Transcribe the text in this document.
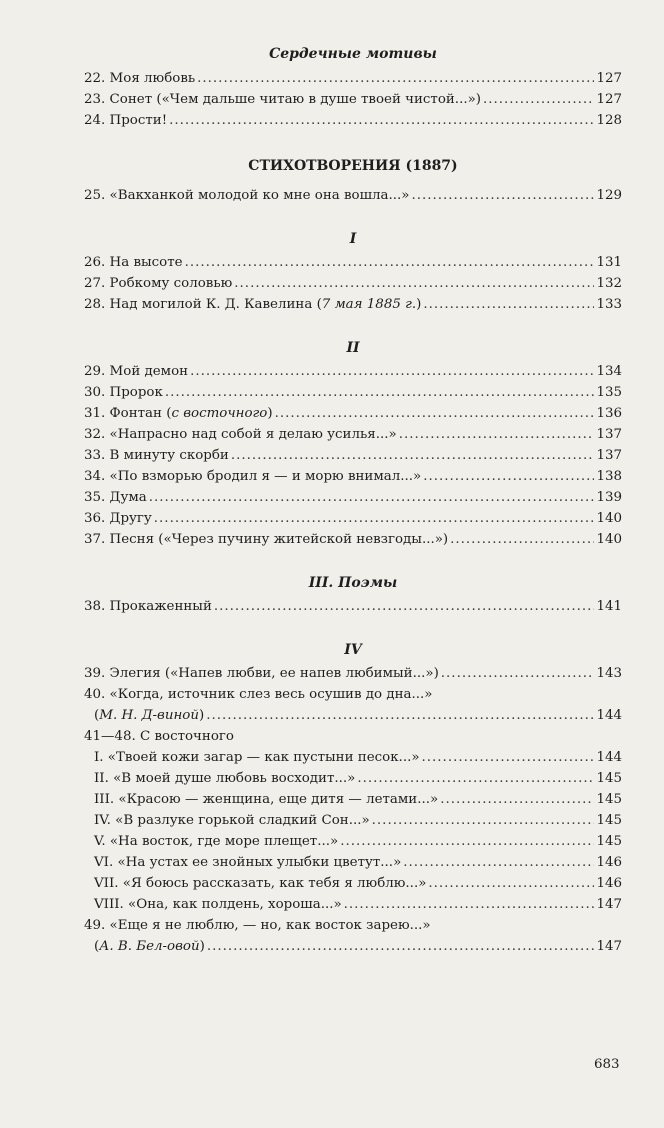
Сердечные мотивы
22. Моя любовь .....	127
23. Сонет («Чем дальше читаю в душе твоей чистой...») .....	127
24. Прости! .....	128
СТИХОТВОРЕНИЯ (1887)
25. «Вакханкой молодой ко мне она вошла...» .....	129
I
26. На высоте .....	131
27. Робкому соловью .....	132
28. Над могилой К. Д. Кавелина (7 мая 1885 г.) .....	133
II
29. Мой демон .....	134
30. Пророк .....	135
31. Фонтан (с восточного) .....	136
32. «Напрасно над собой я делаю усилья...» .....	137
33. В минуту скорби .....	137
34. «По взморью бродил я — и морю внимал...» .....	138
35. Дума .....	139
36. Другу .....	140
37. Песня («Через пучину житейской невзгоды...») .....	140
III. Поэмы
38. Прокаженный .....	141
IV
39. Элегия («Напев любви, ее напев любимый...») .....	143
40. «Когда, источник слез весь осушив до дна...»
(М. Н. Д-виной) .....	144
41—48. С восточного
I. «Твоей кожи загар — как пустыни песок...» .....	144
II. «В моей душе любовь восходит...» .....	145
III. «Красою — женщина, еще дитя — летами...» .....	145
IV. «В разлуке горькой сладкий Сон...» .....	145
V. «На восток, где море плещет...» .....	145
VI. «На устах ее знойных улыбки цветут...» .....	146
VII. «Я боюсь рассказать, как тебя я люблю...» .....	146
VIII. «Она, как полдень, хороша...» .....	147
49. «Еще я не люблю, — но, как восток зарею...»
(А. В. Бел-овой) .....	147
683
